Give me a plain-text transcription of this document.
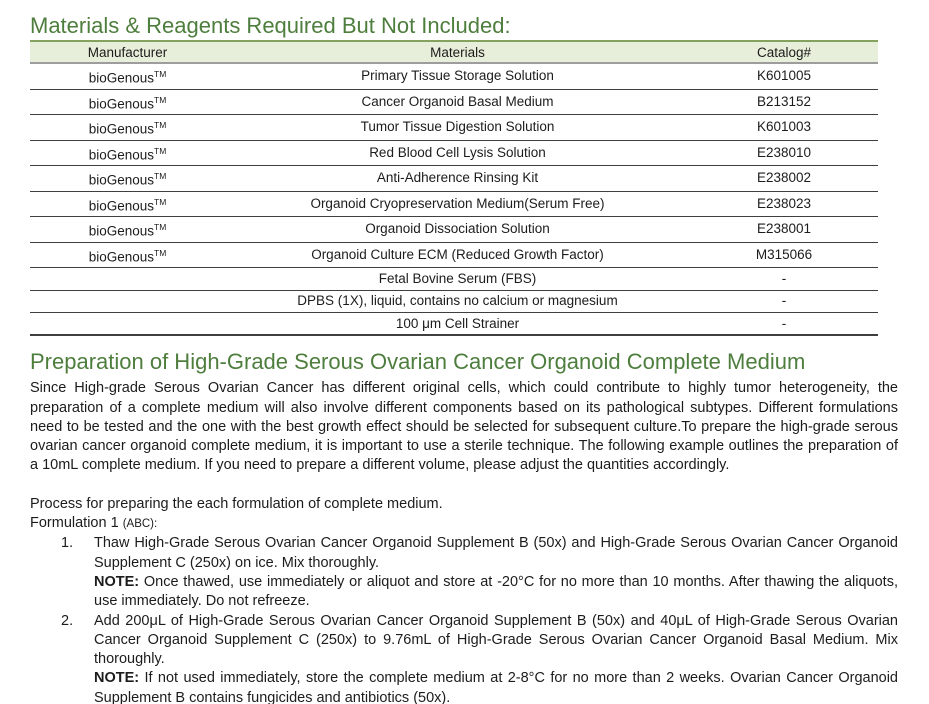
Materials & Reagents Required But Not Included:
Manufacturer	Materials	Catalog#
bioGenous™	Primary Tissue Storage Solution	K601005
bioGenous™	Cancer Organoid Basal Medium	B213152
bioGenous™	Tumor Tissue Digestion Solution	K601003
bioGenous™	Red Blood Cell Lysis Solution	E238010
bioGenous™	Anti-Adherence Rinsing Kit	E238002
bioGenous™	Organoid Cryopreservation Medium(Serum Free)	E238023
bioGenous™	Organoid Dissociation Solution	E238001
bioGenous™	Organoid Culture ECM (Reduced Growth Factor)	M315066
	Fetal Bovine Serum (FBS)	-
	DPBS (1X), liquid, contains no calcium or magnesium	-
	100 μm Cell Strainer	-
Preparation of High-Grade Serous Ovarian Cancer Organoid Complete Medium

Since High-grade Serous Ovarian Cancer has different original cells, which could contribute to highly tumor heterogeneity, the preparation of a complete medium will also involve different components based on its pathological subtypes. Different formulations need to be tested and the one with the best growth effect should be selected for subsequent culture.To prepare the high-grade serous ovarian cancer organoid complete medium, it is important to use a sterile technique. The following example outlines the preparation of a 10mL complete medium. If you need to prepare a different volume, please adjust the quantities accordingly.

Process for preparing the each formulation of complete medium.
Formulation 1 (ABC):
1.	Thaw High-Grade Serous Ovarian Cancer Organoid Supplement B (50x) and High-Grade Serous Ovarian Cancer Organoid Supplement C (250x) on ice. Mix thoroughly.

NOTE: Once thawed, use immediately or aliquot and store at -20°C for no more than 10 months. After thawing the aliquots, use immediately. Do not refreeze.

2.	Add 200μL of High-Grade Serous Ovarian Cancer Organoid Supplement B (50x) and 40μL of High-Grade Serous Ovarian Cancer Organoid Supplement C (250x) to 9.76mL of High-Grade Serous Ovarian Cancer Organoid Basal Medium. Mix thoroughly.

NOTE: If not used immediately, store the complete medium at 2-8°C for no more than 2 weeks. Ovarian Cancer Organoid Supplement B contains fungicides and antibiotics (50x).
